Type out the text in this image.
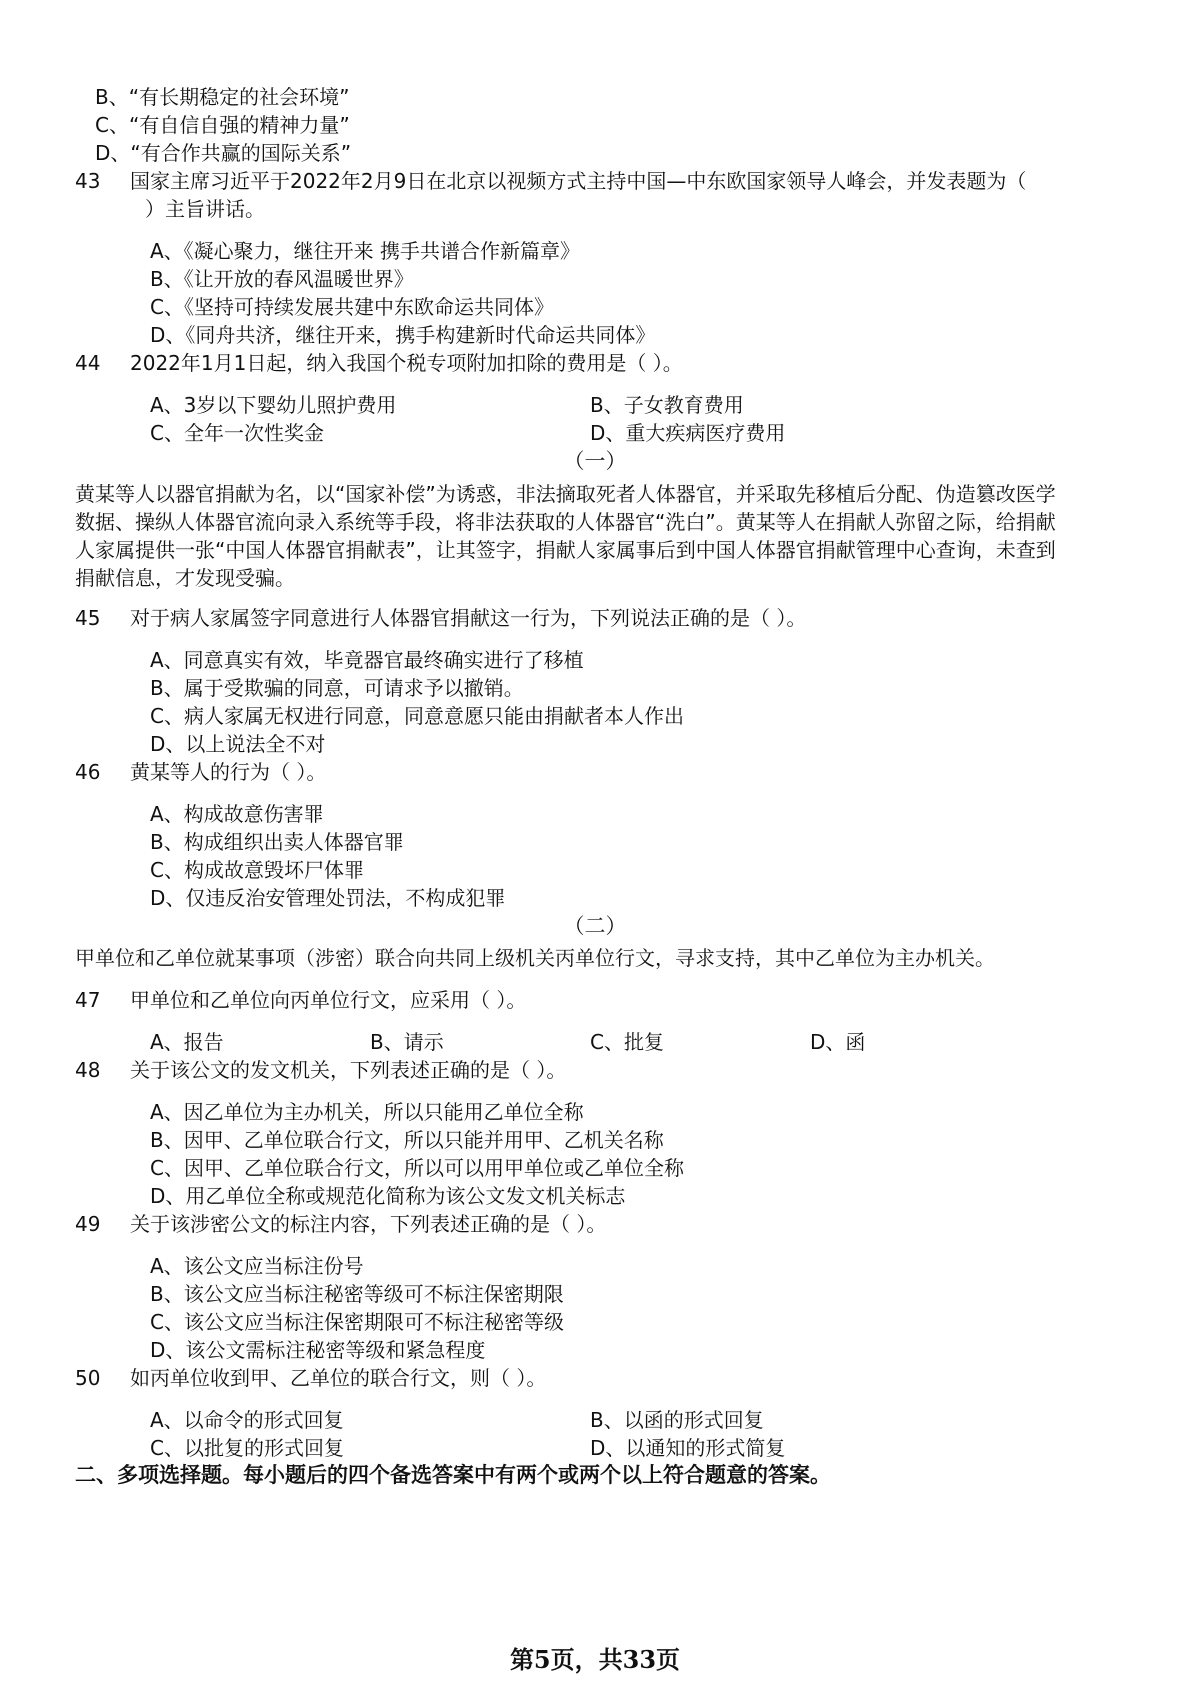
B、“有长期稳定的社会环境”
C、“有自信自强的精神力量”
D、“有合作共赢的国际关系”
43 国家主席习近平于2022年2月9日在北京以视频方式主持中国—中东欧国家领导人峰会，并发表题为（
）主旨讲话。
A、《凝心聚力，继往开来 携手共谱合作新篇章》
B、《让开放的春风温暖世界》
C、《坚持可持续发展共建中东欧命运共同体》
D、《同舟共济，继往开来，携手构建新时代命运共同体》
44 2022年1月1日起，纳入我国个税专项附加扣除的费用是（ ）。
A、3岁以下婴幼儿照护费用	B、子女教育费用
C、全年一次性奖金	D、重大疾病医疗费用
（一）
黄某等人以器官捐献为名，以“国家补偿”为诱惑，非法摘取死者人体器官，并采取先移植后分配、伪造篡改医学
数据、操纵人体器官流向录入系统等手段，将非法获取的人体器官“洗白”。黄某等人在捐献人弥留之际，给捐献
人家属提供一张“中国人体器官捐献表”，让其签字，捐献人家属事后到中国人体器官捐献管理中心查询，未查到
捐献信息，才发现受骗。
45 对于病人家属签字同意进行人体器官捐献这一行为，下列说法正确的是（ ）。
A、同意真实有效，毕竟器官最终确实进行了移植
B、属于受欺骗的同意，可请求予以撤销。
C、病人家属无权进行同意，同意意愿只能由捐献者本人作出
D、以上说法全不对
46 黄某等人的行为（ ）。
A、构成故意伤害罪
B、构成组织出卖人体器官罪
C、构成故意毁坏尸体罪
D、仅违反治安管理处罚法，不构成犯罪
（二）
甲单位和乙单位就某事项（涉密）联合向共同上级机关丙单位行文，寻求支持，其中乙单位为主办机关。
47 甲单位和乙单位向丙单位行文，应采用（ ）。
A、报告	B、请示	C、批复	D、函
48 关于该公文的发文机关，下列表述正确的是（ ）。
A、因乙单位为主办机关，所以只能用乙单位全称
B、因甲、乙单位联合行文，所以只能并用甲、乙机关名称
C、因甲、乙单位联合行文，所以可以用甲单位或乙单位全称
D、用乙单位全称或规范化简称为该公文发文机关标志
49 关于该涉密公文的标注内容，下列表述正确的是（ ）。
A、该公文应当标注份号
B、该公文应当标注秘密等级可不标注保密期限
C、该公文应当标注保密期限可不标注秘密等级
D、该公文需标注秘密等级和紧急程度
50 如丙单位收到甲、乙单位的联合行文，则（ ）。
A、以命令的形式回复	B、以函的形式回复
C、以批复的形式回复	D、以通知的形式简复
二、多项选择题。每小题后的四个备选答案中有两个或两个以上符合题意的答案。
第5页，共33页
